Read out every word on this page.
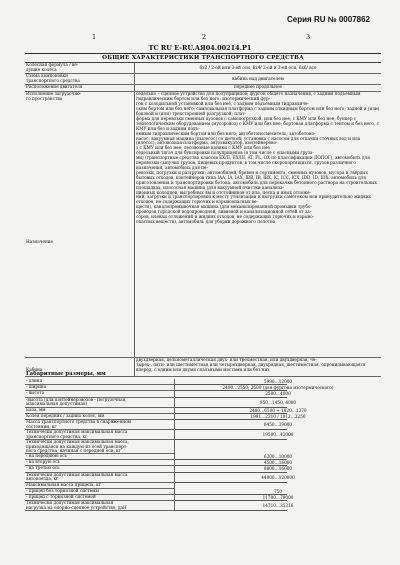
Серия RU № 0007862
1	2	3
ТС RU E-RU.АЯ04.00214.Р1
ОБЩИЕ ХАРАКТЕРИСТИКИ ТРАНСПОРТНОГО СРЕДСТВА
Колесная формула / ве-
дущие колеса	6х2 / 2-ой или 3-ей оси, 6х4/ 2-ой и 3-ей оси, 6х6/ все
Схема компоновки
транспортного средства	кабина над двигателем
Расположение двигателя	переднее продольное
Исполнение загрузочно-
го пространства
Назначение
седельно – сцепное устройство для полуприцепов; фургон общего назначения, с задним подъемным гидравлическим бортом или без него; изотермический фур-
гон с холодильной установкой или без неё, с задним подъемным гидравличе-
ским бортом или без него; самосвальная платформа с задним откидным бортом или без него; задней и (или) боковой и (или) трехсторонней разгрузкой; плат-
форма для перевозки сменных кузовов с самопогрузкой, или без нее; с КМУ или без нее; бункер с технологическим оборудованием (мусоровоз) с КМУ или без нее; бортовая платформа с тентом и без него, с КМУ или без и задним подъ-
емным гидравлическим бортом или без него; автобетоносмеситель; автобетоно-
насос; вакуумная машина (пылесос) со щеткой; установка с насосом для откачки сточных вод и ила (илосос); автовозная платформа, автоэвакуатор, контейнерово-
з с КМУ или без нее; лесовозные коники с КМУ или без нее
седельный тягач для буксировки полуприцепов (в том числе с опасными груза-
ми) (транспортные средства классов EX/II, EX/III, AT, FL, OX по классификации ДОПОГ), автомобиль для перевозки сыпучих грузов, пищевых продуктов, в том числе скоропортящихся, грузов различного назначения, автомобиль для пе-
ревозки, погрузки и разгрузки: автомобилей, бревен и сортимента, сменных кузовов, мусора и твердых бытовых отходов, контейнеров типа IAA, IA, IAX, IBB, IB, IBX, IC, ICC, ICX, IDD, ID, IDX, автомобиль для приготовления и транспортировки бетона, автомобиль для перекачки бетонного раствора на строительных площадках, илососная машина (для вакуумной очистки канализа-
ционных колодцев, выгребных ям и отстойников от ила, песка и иных отложе-
ний, загрузки и транспортировки к месту утилизации и выгрузки самотеком или принудительно жидких отходов, не содержащих горючих и взрывоопасных ве-
ществ), каналопромывочная машина (для механизированной промывки трубо-
проводов городской водопроводной, ливневой и канализационной сетей от за-
соров, илевых отложений и жидких отходов, не содержащих горючих и взрыво-
опасных веществ), автомобиль для уборки дорожного полотна
Кабина
двухдверная, цельнометаллическая двух- или трехместная, или двухдверная, че-
тырех-, пяти- или шестиместная или четырехдверная, двухрядная, шестиместная, опрокидывающаяся вперед, с одним или двумя спальными местами или без них
Габаритные размеры, мм
- длина	5990…12000
- ширина	2490…2550; 2600 (для фургона изотермического)
- высота	2500…4000
-высота (для контейнеровозов - погрузочная,
максимальная допустимая)	950…1450, 4000
База, мм	2480…6500 + 1820…1370
Колея передних / задних колес, мм	1991…2210 / 1812…2250
Масса транспортного средства в снаряженном
состоянии, кг	6450…39000
Технически допустимая максимальная масса
транспортного средства, кг	19500…42000
Технически допустимая максимальная масса,
приходящаяся на каждую из осей транспорт-
ного средства, начиная с передней оси, кг
- на переднюю ось	6200…10000
- на вторую ось	4500…16000
- на третью ось	8800…16000
Технически допустимая максимальная масса
автопоезда, кг	44000…120000
Максимальная масса прицепа, кг
- прицеп без тормозной системы	750
- прицеп с тормозной системой	11700…79000
Технически допустимая максимальная
нагрузка на опорно-сцепное устройство, даН	14710…35316
